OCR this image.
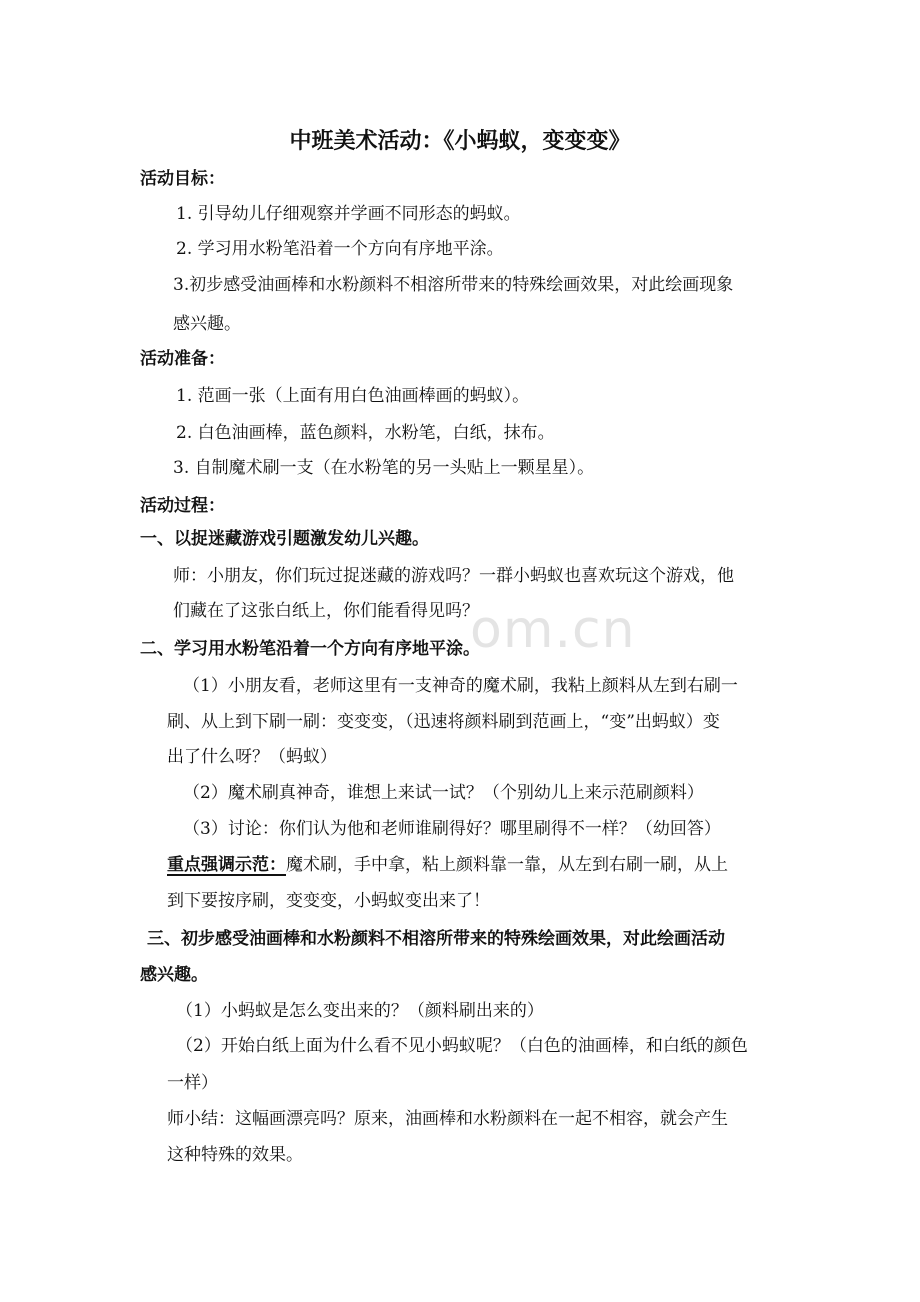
om.cn
中班美术活动：《小蚂蚁，变变变》
活动目标：
1. 引导幼儿仔细观察并学画不同形态的蚂蚁。
2. 学习用水粉笔沿着一个方向有序地平涂。
3.初步感受油画棒和水粉颜料不相溶所带来的特殊绘画效果，对此绘画现象
感兴趣。
活动准备：
1. 范画一张（上面有用白色油画棒画的蚂蚁）。
2. 白色油画棒，蓝色颜料，水粉笔，白纸，抹布。
3. 自制魔术刷一支（在水粉笔的另一头贴上一颗星星）。
活动过程：
一、以捉迷藏游戏引题激发幼儿兴趣。
师：小朋友，你们玩过捉迷藏的游戏吗？一群小蚂蚁也喜欢玩这个游戏，他
们藏在了这张白纸上，你们能看得见吗？
二、学习用水粉笔沿着一个方向有序地平涂。
（1）小朋友看，老师这里有一支神奇的魔术刷，我粘上颜料从左到右刷一
刷、从上到下刷一刷：变变变，（迅速将颜料刷到范画上，“变”出蚂蚁）变
出了什么呀？（蚂蚁）
（2）魔术刷真神奇，谁想上来试一试？（个别幼儿上来示范刷颜料）
（3）讨论：你们认为他和老师谁刷得好？哪里刷得不一样？（幼回答）
重点强调示范：魔术刷，手中拿，粘上颜料靠一靠，从左到右刷一刷，从上
到下要按序刷，变变变，小蚂蚁变出来了！
三、初步感受油画棒和水粉颜料不相溶所带来的特殊绘画效果，对此绘画活动
感兴趣。
（1）小蚂蚁是怎么变出来的？（颜料刷出来的）
（2）开始白纸上面为什么看不见小蚂蚁呢？（白色的油画棒，和白纸的颜色
一样）
师小结：这幅画漂亮吗？原来，油画棒和水粉颜料在一起不相容，就会产生
这种特殊的效果。
